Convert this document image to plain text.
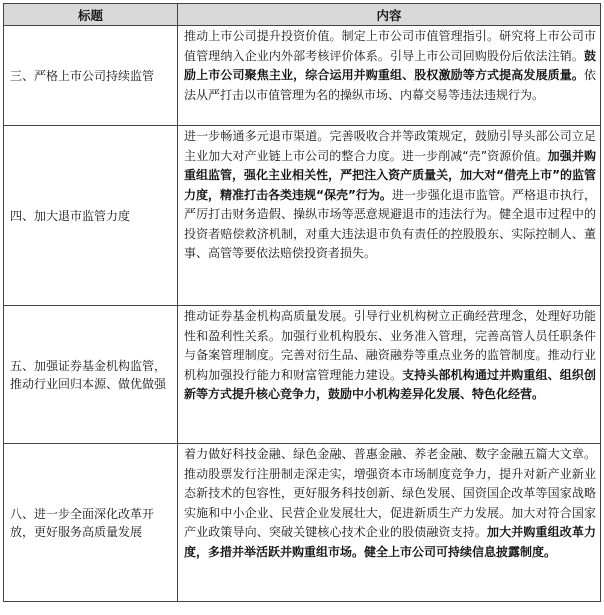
标题	内容
三、严格上市公司持续监管	推动上市公司提升投资价值。制定上市公司市值管理指引。研究将上市公司市值管理纳入企业内外部考核评价体系。引导上市公司回购股份后依法注销。鼓励上市公司聚焦主业，综合运用并购重组、股权激励等方式提高发展质量。依法从严打击以市值管理为名的操纵市场、内幕交易等违法违规行为。
四、加大退市监管力度	进一步畅通多元退市渠道。完善吸收合并等政策规定，鼓励引导头部公司立足主业加大对产业链上市公司的整合力度。进一步削减“壳”资源价值。加强并购重组监管，强化主业相关性，严把注入资产质量关，加大对“借壳上市”的监管力度，精准打击各类违规“保壳”行为。进一步强化退市监管。严格退市执行，严厉打击财务造假、操纵市场等恶意规避退市的违法行为。健全退市过程中的投资者赔偿救济机制，对重大违法退市负有责任的控股股东、实际控制人、董事、高管等要依法赔偿投资者损失。
五、加强证券基金机构监管，推动行业回归本源、做优做强	推动证券基金机构高质量发展。引导行业机构树立正确经营理念，处理好功能性和盈利性关系。加强行业机构股东、业务准入管理，完善高管人员任职条件与备案管理制度。完善对衍生品、融资融券等重点业务的监管制度。推动行业机构加强投行能力和财富管理能力建设。支持头部机构通过并购重组、组织创新等方式提升核心竞争力，鼓励中小机构差异化发展、特色化经营。
八、进一步全面深化改革开放，更好服务高质量发展	着力做好科技金融、绿色金融、普惠金融、养老金融、数字金融五篇大文章。推动股票发行注册制走深走实，增强资本市场制度竞争力，提升对新产业新业态新技术的包容性，更好服务科技创新、绿色发展、国资国企改革等国家战略实施和中小企业、民营企业发展壮大，促进新质生产力发展。加大对符合国家产业政策导向、突破关键核心技术企业的股债融资支持。加大并购重组改革力度，多措并举活跃并购重组市场。健全上市公司可持续信息披露制度。
